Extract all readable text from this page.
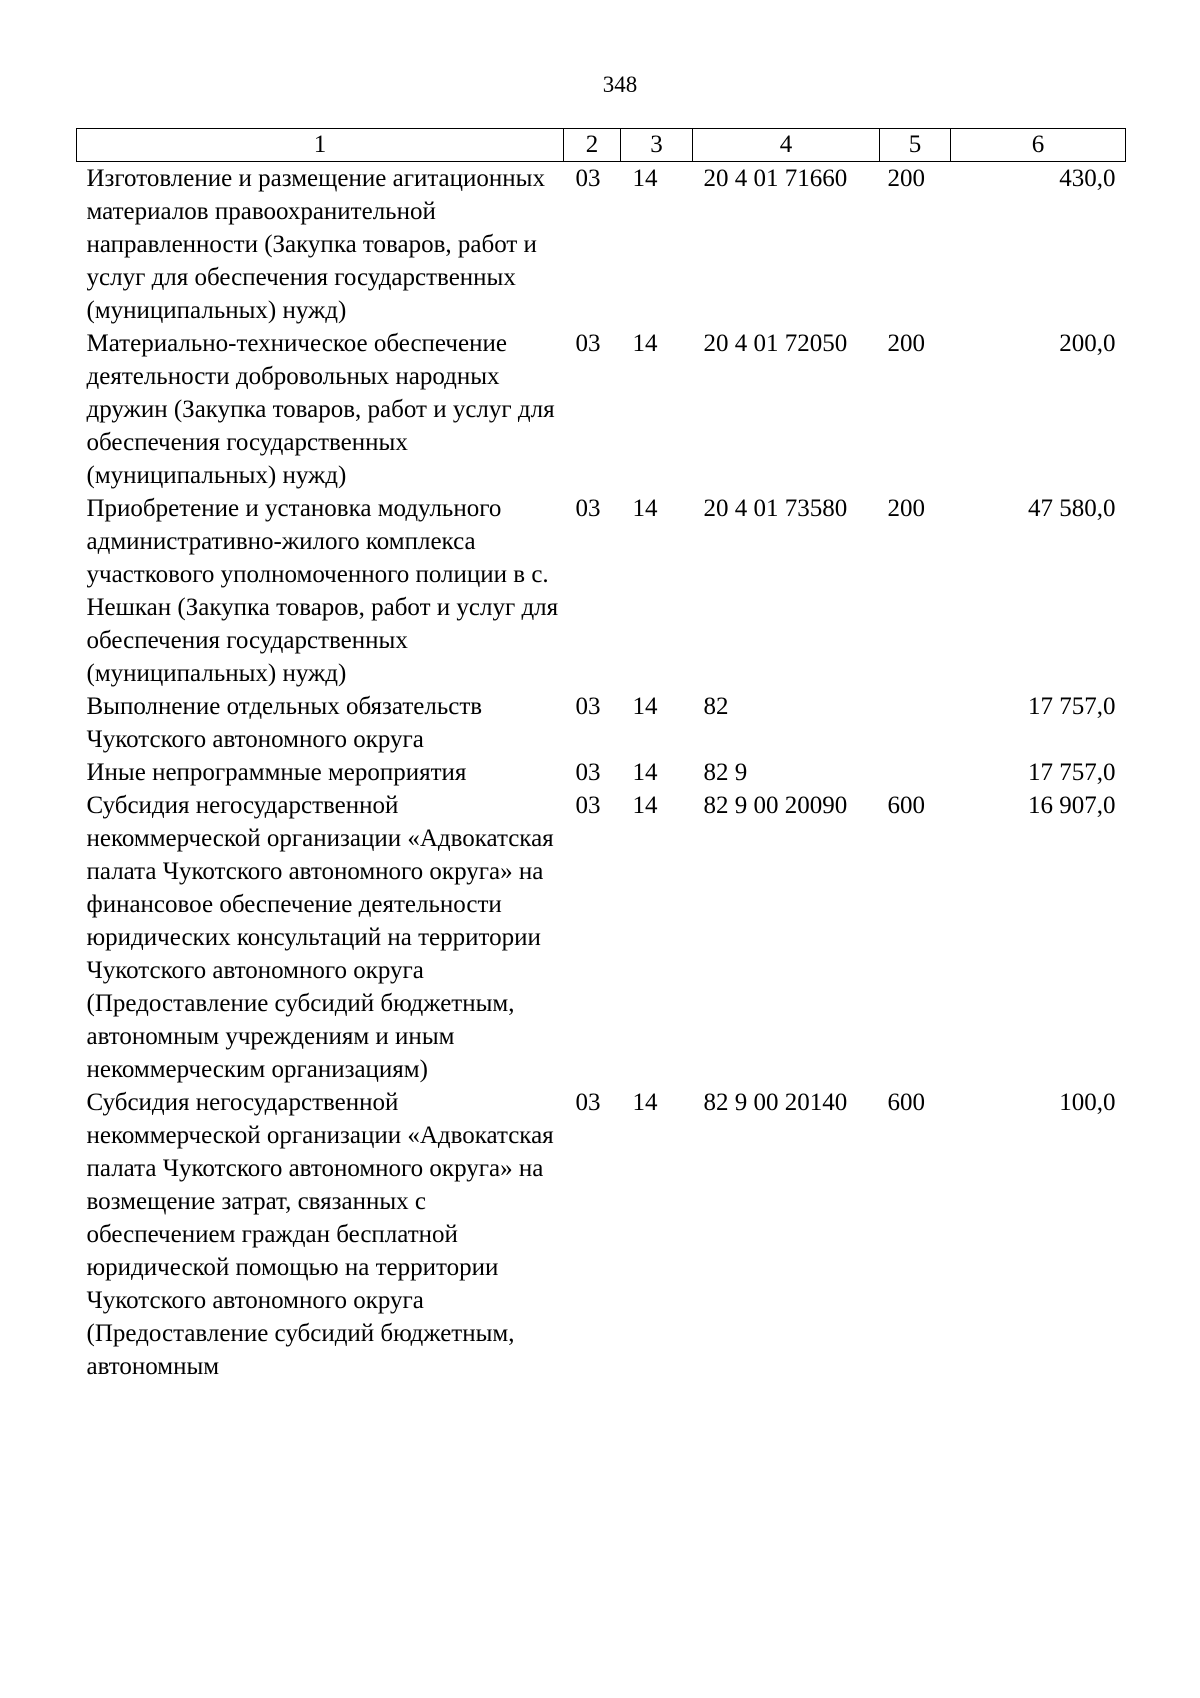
348
1	2	3	4	5	6
Изготовление и размещение агитационных материалов правоохранительной направленности (Закупка товаров, работ и услуг для обеспечения государственных (муниципальных) нужд)	03	14	20 4 01 71660	200	430,0
Материально-техническое обеспечение деятельности добровольных народных дружин (Закупка товаров, работ и услуг для обеспечения государственных (муниципальных) нужд)	03	14	20 4 01 72050	200	200,0
Приобретение и установка модульного административно-жилого комплекса участкового уполномоченного полиции в с. Нешкан (Закупка товаров, работ и услуг для обеспечения государственных (муниципальных) нужд)	03	14	20 4 01 73580	200	47 580,0
Выполнение отдельных обязательств Чукотского автономного округа	03	14	82		17 757,0
Иные непрограммные мероприятия	03	14	82 9		17 757,0
Субсидия негосударственной некоммерческой организации «Адвокатская палата Чукотского автономного округа» на финансовое обеспечение деятельности юридических консультаций на территории Чукотского автономного округа (Предоставление субсидий бюджетным, автономным учреждениям и иным некоммерческим организациям)	03	14	82 9 00 20090	600	16 907,0
Субсидия негосударственной некоммерческой организации «Адвокатская палата Чукотского автономного округа» на возмещение затрат, связанных с обеспечением граждан бесплатной юридической помощью на территории Чукотского автономного округа (Предоставление субсидий бюджетным, автономным	03	14	82 9 00 20140	600	100,0
